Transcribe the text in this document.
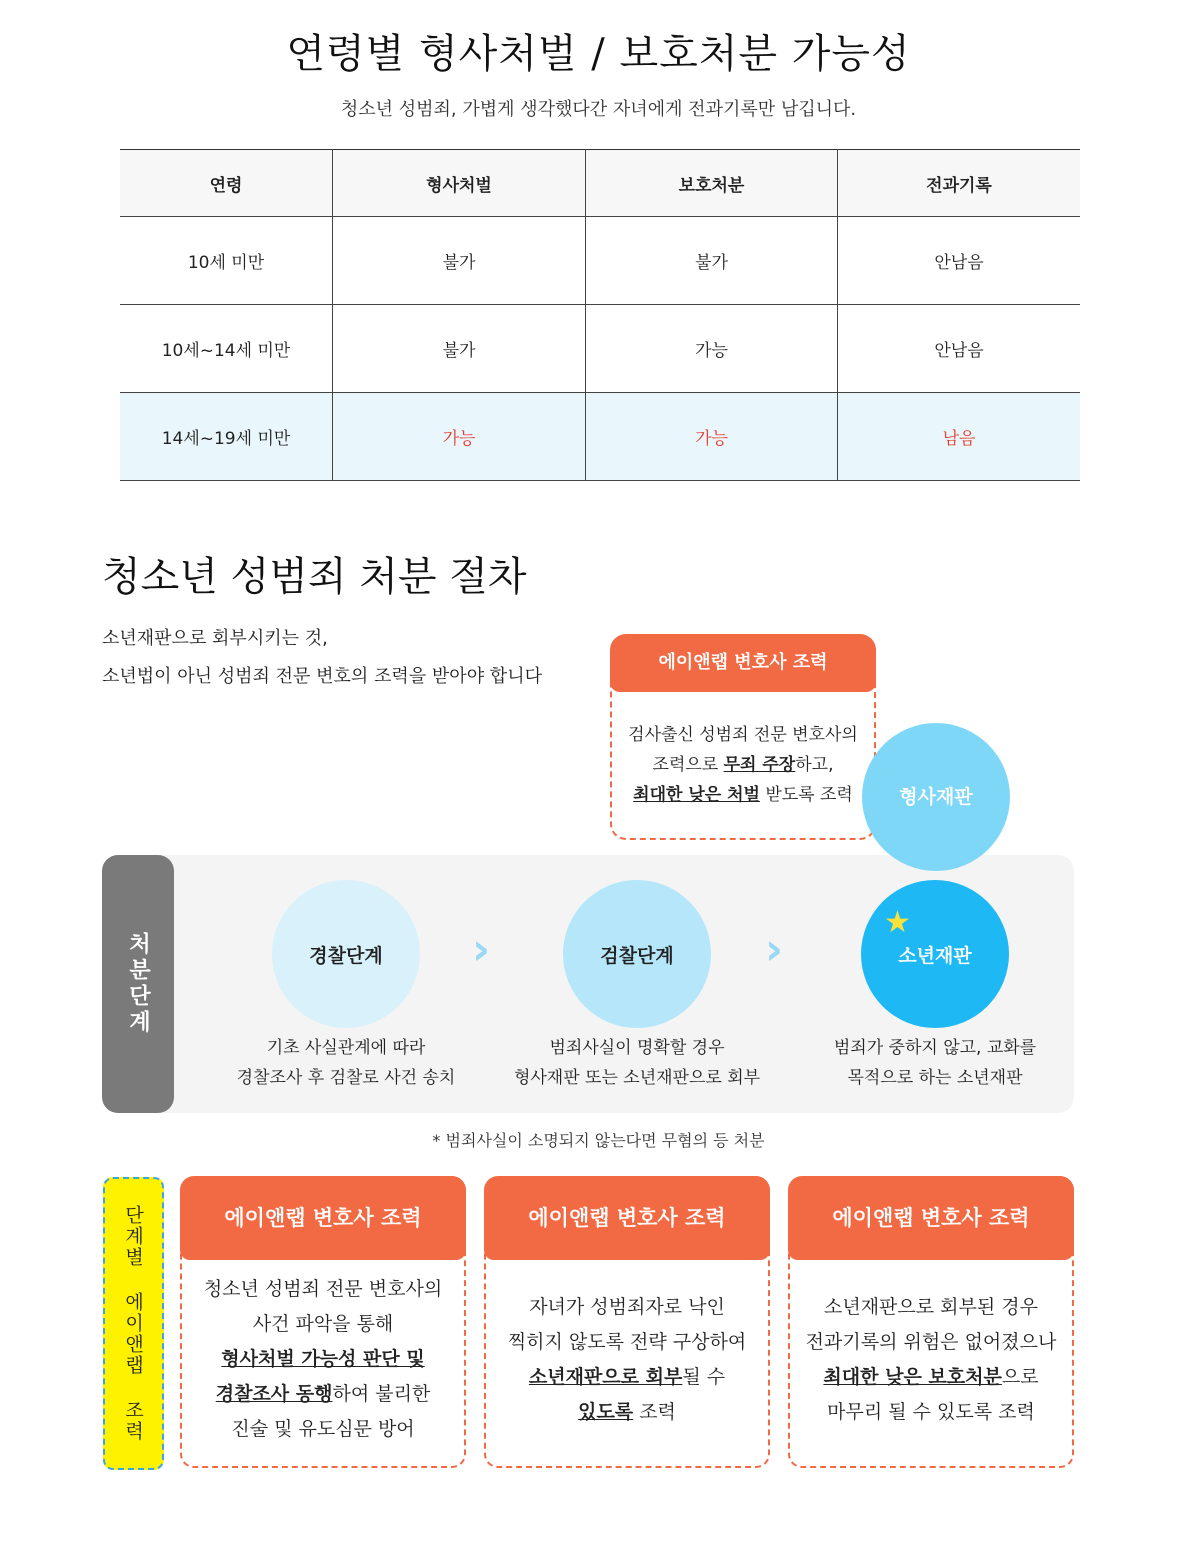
연령별 형사처벌 / 보호처분 가능성
청소년 성범죄, 가볍게 생각했다간 자녀에게 전과기록만 남깁니다.
연령	형사처벌	보호처분	전과기록
10세 미만	불가	불가	안남음
10세~14세 미만	불가	가능	안남음
14세~19세 미만	가능	가능	남음
청소년 성범죄 처분 절차
소년재판으로 회부시키는 것,
소년법이 아닌 성범죄 전문 변호의 조력을 받아야 합니다
에이앤랩 변호사 조력
검사출신 성범죄 전문 변호사의
조력으로 무죄 주장하고,
최대한 낮은 처벌 받도록 조력	형사재판
처분단계	경찰단계 ›	검찰단계 ›	소년재판
★
기초 사실관계에 따라
경찰조사 후 검찰로 사건 송치
범죄사실이 명확할 경우
형사재판 또는 소년재판으로 회부
범죄가 중하지 않고, 교화를
목적으로 하는 소년재판
* 범죄사실이 소명되지 않는다면 무혐의 등 처분
단계별 에이앤랩 조력	에이앤랩 변호사 조력
청소년 성범죄 전문 변호사의
사건 파악을 통해
형사처벌 가능성 판단 및
경찰조사 동행하여 불리한
진술 및 유도심문 방어
에이앤랩 변호사 조력
자녀가 성범죄자로 낙인
찍히지 않도록 전략 구상하여
소년재판으로 회부될 수
있도록 조력
에이앤랩 변호사 조력
소년재판으로 회부된 경우
전과기록의 위험은 없어졌으나
최대한 낮은 보호처분으로
마무리 될 수 있도록 조력
